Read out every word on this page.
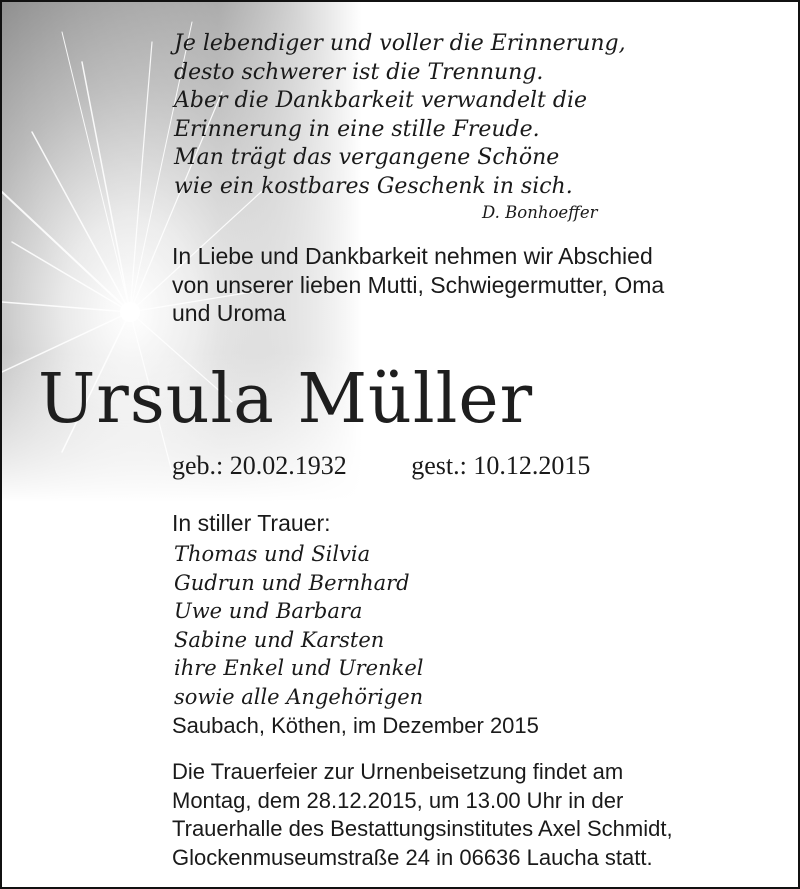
Je lebendiger und voller die Erinnerung,
desto schwerer ist die Trennung.
Aber die Dankbarkeit verwandelt die
Erinnerung in eine stille Freude.
Man trägt das vergangene Schöne
wie ein kostbares Geschenk in sich.
D. Bonhoeffer
In Liebe und Dankbarkeit nehmen wir Abschied
von unserer lieben Mutti, Schwiegermutter, Oma
und Uroma
Ursula Müller
geb.: 20.02.1932 gest.: 10.12.2015
In stiller Trauer:
Thomas und Silvia
Gudrun und Bernhard
Uwe und Barbara
Sabine und Karsten
ihre Enkel und Urenkel
sowie alle Angehörigen
Saubach, Köthen, im Dezember 2015
Die Trauerfeier zur Urnenbeisetzung findet am
Montag, dem 28.12.2015, um 13.00 Uhr in der
Trauerhalle des Bestattungsinstitutes Axel Schmidt,
Glockenmuseumstraße 24 in 06636 Laucha statt.
